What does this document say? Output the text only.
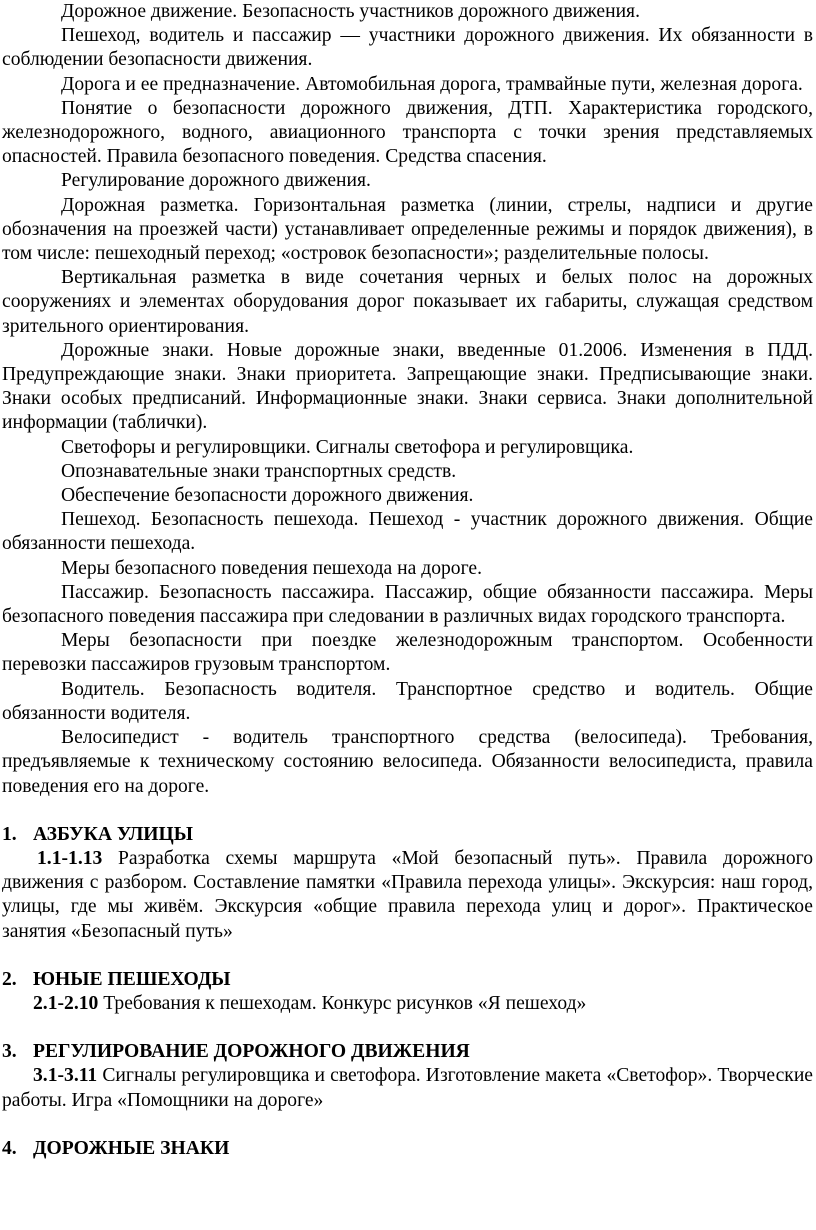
Дорожное движение. Безопасность участников дорожного движения.

Пешеход, водитель и пассажир — участники дорожного движения. Их обязанности в соблюдении безопасности движения.

Дорога и ее предназначение. Автомобильная дорога, трамвайные пути, железная дорога.

Понятие о безопасности дорожного движения, ДТП. Характеристика городского, железнодорожного, водного, авиационного транспорта с точки зрения представляемых опасностей. Правила безопасного поведения. Средства спасения.

Регулирование дорожного движения.

Дорожная разметка. Горизонтальная разметка (линии, стрелы, надписи и другие обозначения на проезжей части) устанавливает определенные режимы и порядок движения), в том числе: пешеходный переход; «островок безопасности»; разделительные полосы.

Вертикальная разметка в виде сочетания черных и белых полос на дорожных сооружениях и элементах оборудования дорог показывает их габариты, служащая средством зрительного ориентирования.

Дорожные знаки. Новые дорожные знаки, введенные 01.2006. Изменения в ПДД. Предупреждающие знаки. Знаки приоритета. Запрещающие знаки. Предписывающие знаки. Знаки особых предписаний. Информационные знаки. Знаки сервиса. Знаки дополнительной информации (таблички).

Светофоры и регулировщики. Сигналы светофора и регулировщика.

Опознавательные знаки транспортных средств.

Обеспечение безопасности дорожного движения.

Пешеход. Безопасность пешехода. Пешеход - участник дорожного движения. Общие обязанности пешехода.

Меры безопасного поведения пешехода на дороге.

Пассажир. Безопасность пассажира. Пассажир, общие обязанности пассажира. Меры безопасного поведения пассажира при следовании в различных видах городского транспорта.

Меры безопасности при поездке железнодорожным транспортом. Особенности перевозки пассажиров грузовым транспортом.

Водитель. Безопасность водителя. Транспортное средство и водитель. Общие обязанности водителя.

Велосипедист - водитель транспортного средства (велосипеда). Требования, предъявляемые к техническому состоянию велосипеда. Обязанности велосипедиста, правила поведения его на дороге.

1. АЗБУКА УЛИЦЫ

1.1-1.13 Разработка схемы маршрута «Мой безопасный путь». Правила дорожного движения с разбором. Составление памятки «Правила перехода улицы». Экскурсия: наш город, улицы, где мы живём. Экскурсия «общие правила перехода улиц и дорог». Практическое занятия «Безопасный путь»

2. ЮНЫЕ ПЕШЕХОДЫ

2.1-2.10 Требования к пешеходам. Конкурс рисунков «Я пешеход»

3. РЕГУЛИРОВАНИЕ ДОРОЖНОГО ДВИЖЕНИЯ

3.1-3.11 Сигналы регулировщика и светофора. Изготовление макета «Светофор». Творческие работы. Игра «Помощники на дороге»

4. ДОРОЖНЫЕ ЗНАКИ
